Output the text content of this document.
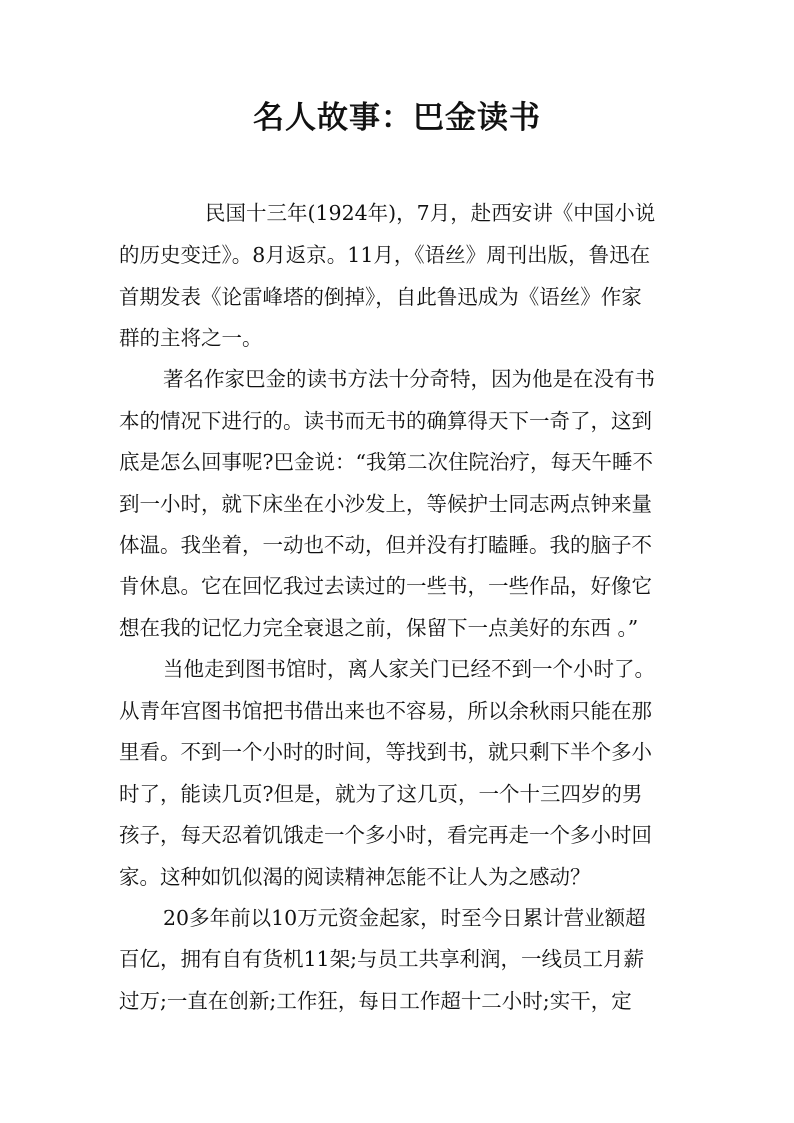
名人故事：巴金读书

民国十三年(1924年)，7月，赴西安讲《中国小说

的历史变迁》。8月返京。11月，《语丝》周刊出版，鲁迅在

首期发表《论雷峰塔的倒掉》，自此鲁迅成为《语丝》作家

群的主将之一。

著名作家巴金的读书方法十分奇特，因为他是在没有书

本的情况下进行的。读书而无书的确算得天下一奇了，这到

底是怎么回事呢?巴金说：“我第二次住院治疗，每天午睡不

到一小时，就下床坐在小沙发上，等候护士同志两点钟来量

体温。我坐着，一动也不动，但并没有打瞌睡。我的脑子不

肯休息。它在回忆我过去读过的一些书，一些作品，好像它

想在我的记忆力完全衰退之前，保留下一点美好的东西 。”

当他走到图书馆时，离人家关门已经不到一个小时了。

从青年宫图书馆把书借出来也不容易，所以余秋雨只能在那

里看。不到一个小时的时间，等找到书，就只剩下半个多小

时了，能读几页?但是，就为了这几页，一个十三四岁的男

孩子，每天忍着饥饿走一个多小时，看完再走一个多小时回

家。这种如饥似渴的阅读精神怎能不让人为之感动？

20多年前以10万元资金起家，时至今日累计营业额超

百亿，拥有自有货机11架;与员工共享利润，一线员工月薪

过万;一直在创新;工作狂，每日工作超十二小时;实干，定
